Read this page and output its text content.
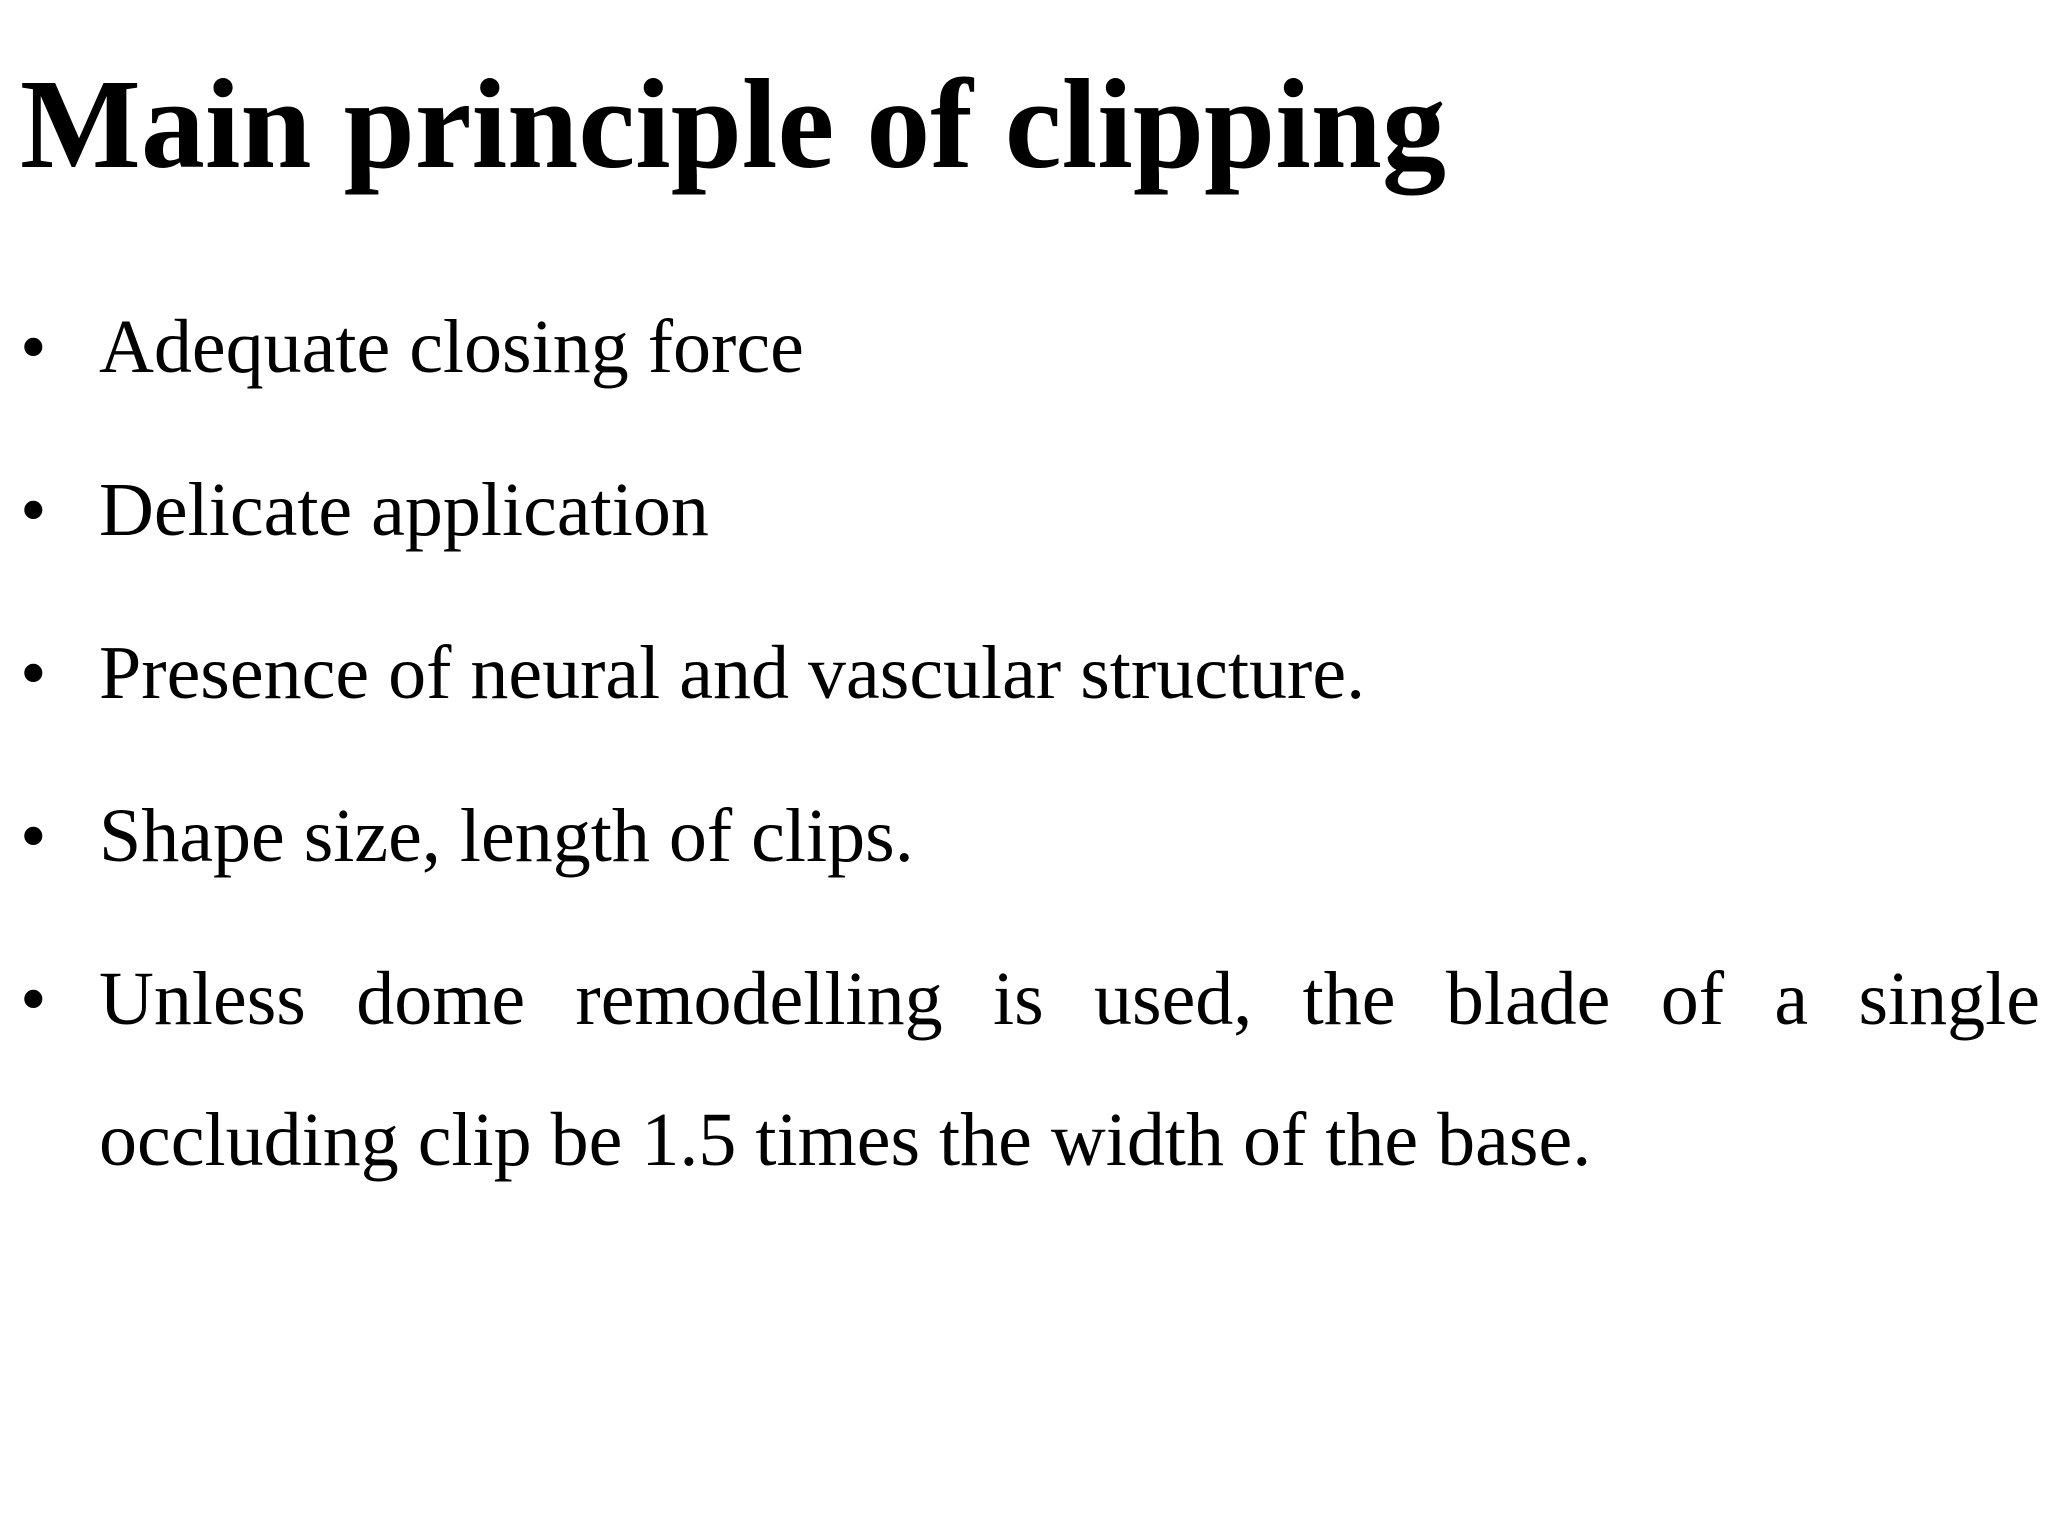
Main principle of clipping
• Adequate closing force
• Delicate application
• Presence of neural and vascular structure.
• Shape size, length of clips.
• Unless dome remodelling is used, the blade of a single occluding clip be 1.5 times the width of the base.
